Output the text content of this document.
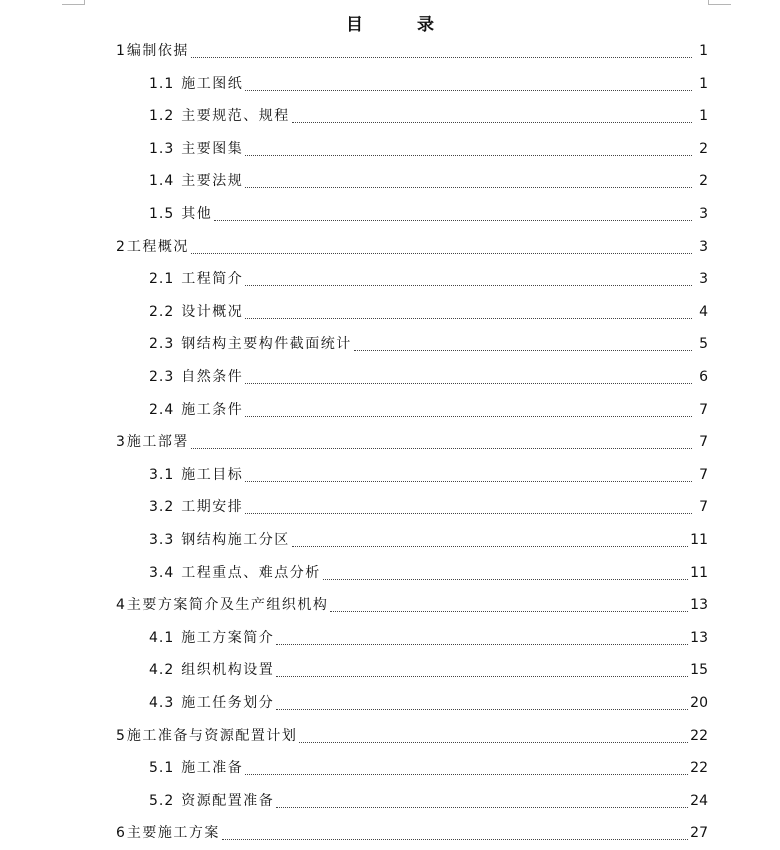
目 录
1 编制依据	1
1.1 施工图纸	1
1.2 主要规范、规程	1
1.3 主要图集	2
1.4 主要法规	2
1.5 其他	3
2 工程概况	3
2.1 工程简介	3
2.2 设计概况	4
2.3 钢结构主要构件截面统计	5
2.3 自然条件	6
2.4 施工条件	7
3 施工部署	7
3.1 施工目标	7
3.2 工期安排	7
3.3 钢结构施工分区	11
3.4 工程重点、难点分析	11
4 主要方案简介及生产组织机构	13
4.1 施工方案简介	13
4.2 组织机构设置	15
4.3 施工任务划分	20
5 施工准备与资源配置计划	22
5.1 施工准备	22
5.2 资源配置准备	24
6 主要施工方案	27
